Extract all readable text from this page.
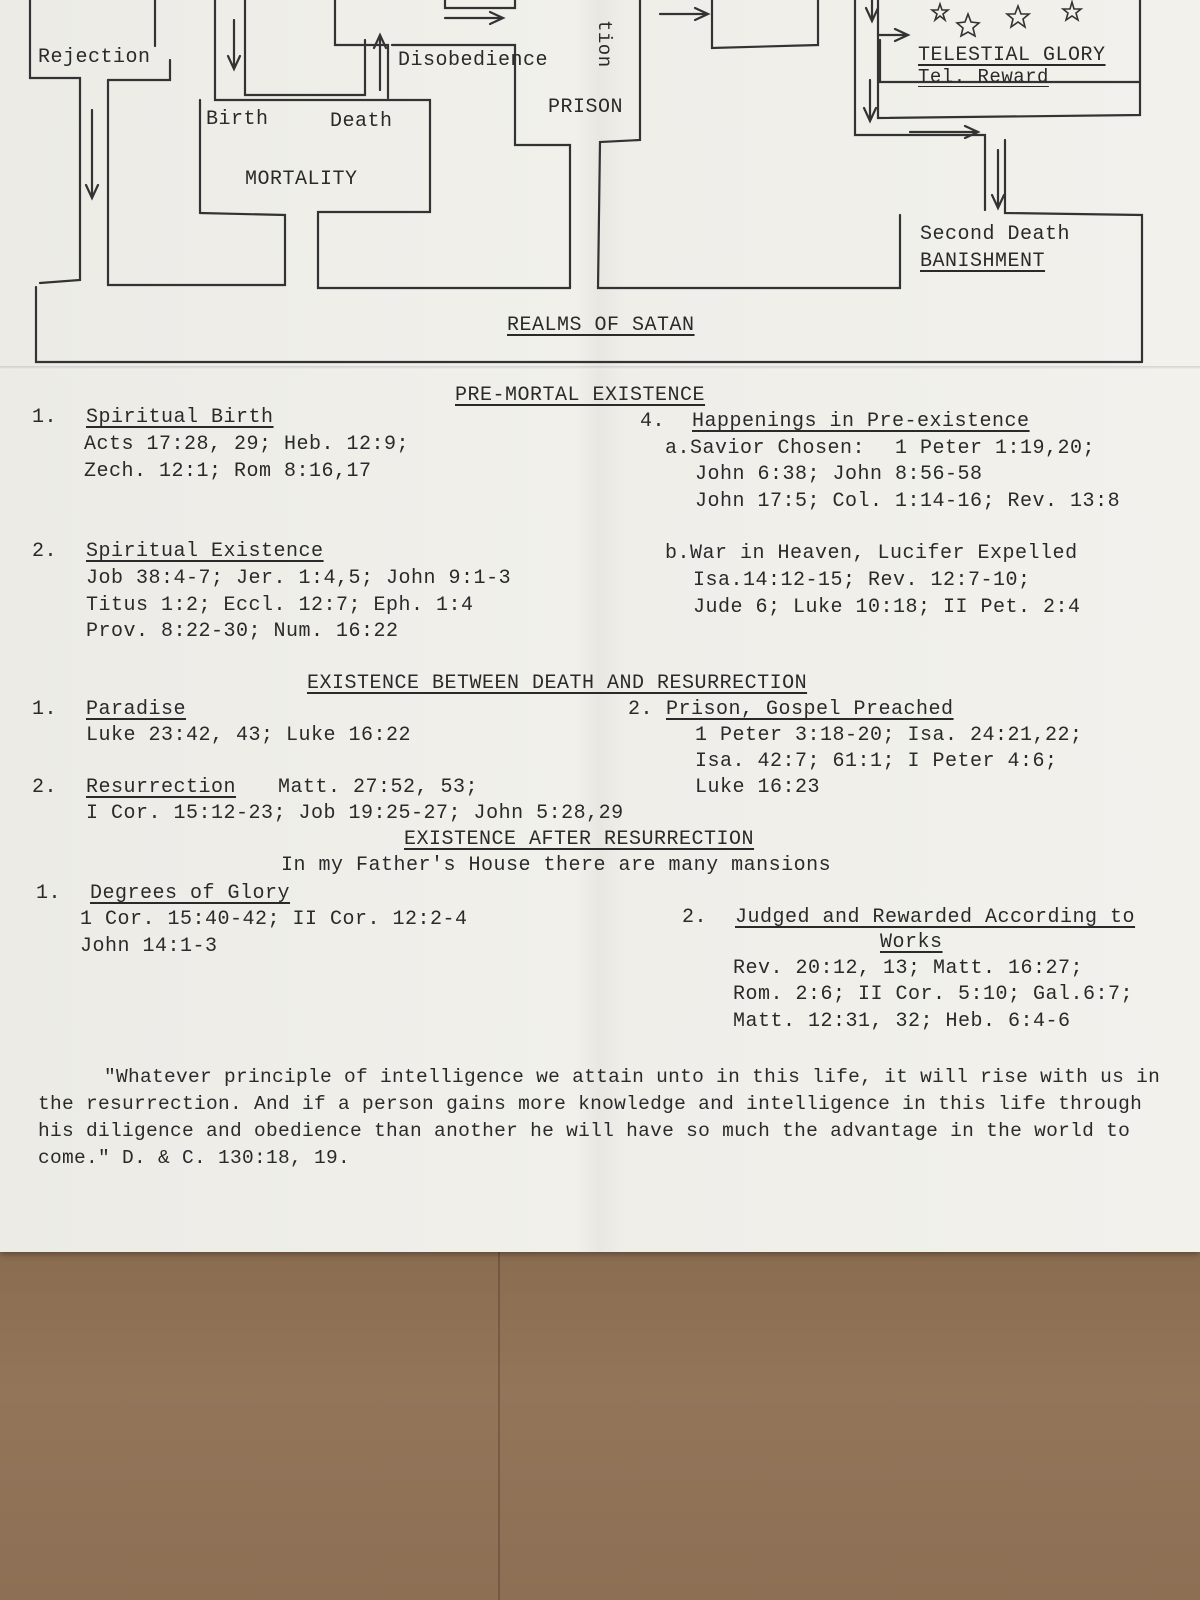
Rejection	Disobedience
Birth	Death
MORTALITY
PRISON
tion	TELESTIAL GLORY
Tel. Reward
Second Death
BANISHMENT
REALMS OF SATAN
PRE-MORTAL EXISTENCE
1. Spiritual Birth
Acts 17:28, 29; Heb. 12:9;
Zech. 12:1; Rom 8:16,17
2. Spiritual Existence
Job 38:4-7; Jer. 1:4,5; John 9:1-3
Titus 1:2; Eccl. 12:7; Eph. 1:4
Prov. 8:22-30; Num. 16:22
4. Happenings in Pre-existence
a.Savior Chosen: 1 Peter 1:19,20;
John 6:38; John 8:56-58
John 17:5; Col. 1:14-16; Rev. 13:8
b.War in Heaven, Lucifer Expelled
Isa.14:12-15; Rev. 12:7-10;
Jude 6; Luke 10:18; II Pet. 2:4
EXISTENCE BETWEEN DEATH AND RESURRECTION
1. Paradise
Luke 23:42, 43; Luke 16:22
2. Prison, Gospel Preached
1 Peter 3:18-20; Isa. 24:21,22;
Isa. 42:7; 61:1; I Peter 4:6;
Luke 16:23
2. Resurrection Matt. 27:52, 53;
I Cor. 15:12-23; Job 19:25-27; John 5:28,29
EXISTENCE AFTER RESURRECTION
In my Father's House there are many mansions
1. Degrees of Glory
1 Cor. 15:40-42; II Cor. 12:2-4
John 14:1-3
2. Judged and Rewarded According to
Works
Rev. 20:12, 13; Matt. 16:27;
Rom. 2:6; II Cor. 5:10; Gal.6:7;
Matt. 12:31, 32; Heb. 6:4-6
"Whatever principle of intelligence we attain unto in this life, it will rise with us in the resurrection. And if a person gains more knowledge and intelligence in this life through his diligence and obedience than another he will have so much the advantage in the world to come." D. & C. 130:18, 19.
